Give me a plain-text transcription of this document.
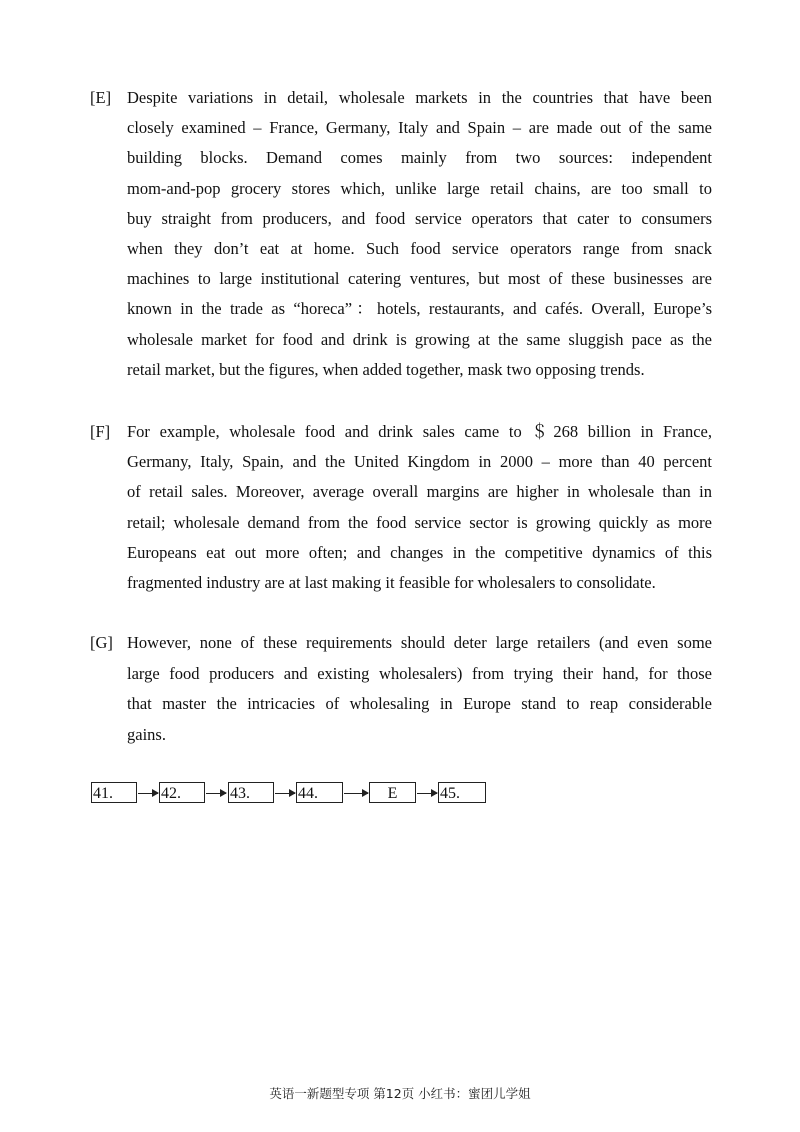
[E] Despite variations in detail, wholesale markets in the countries that have been
closely examined – France, Germany, Italy and Spain – are made out of the same
building blocks. Demand comes mainly from two sources: independent
mom-and-pop grocery stores which, unlike large retail chains, are too small to
buy straight from producers, and food service operators that cater to consumers
when they don’t eat at home. Such food service operators range from snack
machines to large institutional catering ventures, but most of these businesses are
known in the trade as “horeca”：hotels, restaurants, and cafés. Overall, Europe’s
wholesale market for food and drink is growing at the same sluggish pace as the
retail market, but the figures, when added together, mask two opposing trends.
[F]	For example, wholesale food and drink sales came to ＄268 billion in France,
Germany, Italy, Spain, and the United Kingdom in 2000 – more than 40 percent
of retail sales. Moreover, average overall margins are higher in wholesale than in
retail; wholesale demand from the food service sector is growing quickly as more
Europeans eat out more often; and changes in the competitive dynamics of this
fragmented industry are at last making it feasible for wholesalers to consolidate.
[G] However, none of these requirements should deter large retailers (and even some
large food producers and existing wholesalers) from trying their hand, for those
that master the intricacies of wholesaling in Europe stand to reap considerable
gains.
41.	42.	43.	44.	E	45.
英语一新题型专项 第12页 小红书：蜜团儿学姐
